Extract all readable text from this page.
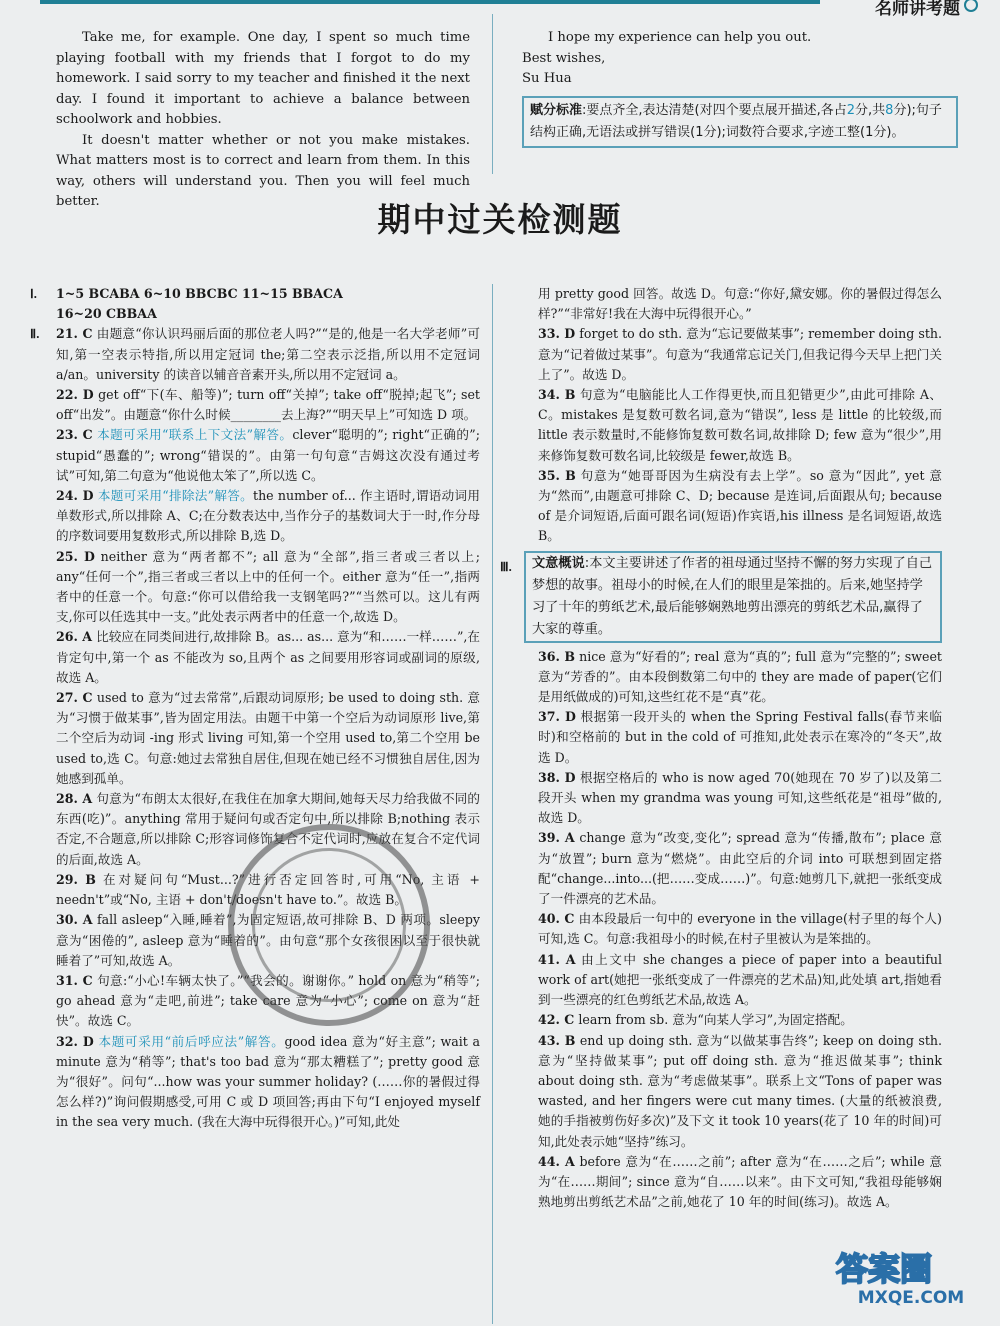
名师讲考题

Take me, for example. One day, I spent so much time playing football with my friends that I forgot to do my homework. I said sorry to my teacher and finished it the next day. I found it important to achieve a balance between schoolwork and hobbies.

It doesn't matter whether or not you make mistakes. What matters most is to correct and learn from them. In this way, others will understand you. Then you will feel much better.

I hope my experience can help you out.

Best wishes,

Su Hua

赋分标准:要点齐全,表达清楚(对四个要点展开描述,各占2分,共8分);句子结构正确,无语法或拼写错误(1分);词数符合要求,字迹工整(1分)。
期中过关检测题
Ⅰ. 1~5 BCABA 6~10 BBCBC 11~15 BBACA
16~20 CBBAA
Ⅱ.	21. C 由题意“你认识玛丽后面的那位老人吗?”“是的,他是一名大学老师”可知,第一空表示特指,所以用定冠词 the;第二空表示泛指,所以用不定冠词 a/an。university 的读音以辅音音素开头,所以用不定冠词 a。

22. D get off“下(车、船等)”; turn off“关掉”; take off“脱掉;起飞”; set off“出发”。由题意“你什么时候________去上海?”“明天早上”可知选 D 项。

23. C 本题可采用“联系上下文法”解答。clever“聪明的”; right“正确的”; stupid“愚蠢的”; wrong“错误的”。由第一句句意“吉姆这次没有通过考试”可知,第二句意为“他说他太笨了”,所以选 C。

24. D 本题可采用“排除法”解答。the number of... 作主语时,谓语动词用单数形式,所以排除 A、C;在分数表达中,当作分子的基数词大于一时,作分母的序数词要用复数形式,所以排除 B,选 D。

25. D neither 意为“两者都不”; all 意为“全部”,指三者或三者以上; any“任何一个”,指三者或三者以上中的任何一个。either 意为“任一”,指两者中的任意一个。句意:“你可以借给我一支钢笔吗?”“当然可以。这儿有两支,你可以任选其中一支。”此处表示两者中的任意一个,故选 D。

26. A 比较应在同类间进行,故排除 B。as... as... 意为“和……一样……”,在肯定句中,第一个 as 不能改为 so,且两个 as 之间要用形容词或副词的原级,故选 A。

27. C used to 意为“过去常常”,后跟动词原形; be used to doing sth. 意为“习惯于做某事”,皆为固定用法。由题干中第一个空后为动词原形 live,第二个空后为动词 -ing 形式 living 可知,第一个空用 used to,第二个空用 be used to,选 C。句意:她过去常独自居住,但现在她已经不习惯独自居住,因为她感到孤单。

28. A 句意为“布朗太太很好,在我住在加拿大期间,她每天尽力给我做不同的东西(吃)”。anything 常用于疑问句或否定句中,所以排除 B;nothing 表示否定,不合题意,所以排除 C;形容词修饰复合不定代词时,应放在复合不定代词的后面,故选 A。

29. B 在对疑问句“Must...?”进行否定回答时,可用“No, 主语 + needn't”或“No, 主语 + don't/doesn't have to.”。故选 B。

30. A fall asleep“入睡,睡着”,为固定短语,故可排除 B、D 两项。sleepy 意为“困倦的”, asleep 意为“睡着的”。由句意“那个女孩很困以至于很快就睡着了”可知,故选 A。

31. C 句意:“小心!车辆太快了。”“我会的。谢谢你。” hold on 意为“稍等”; go ahead 意为“走吧,前进”; take care 意为“小心”; come on 意为“赶快”。故选 C。

32. D 本题可采用“前后呼应法”解答。good idea 意为“好主意”; wait a minute 意为“稍等”; that's too bad 意为“那太糟糕了”; pretty good 意为“很好”。问句“...how was your summer holiday? (……你的暑假过得怎么样?)”询问假期感受,可用 C 或 D 项回答;再由下句“I enjoyed myself in the sea very much. (我在大海中玩得很开心。)”可知,此处

用 pretty good 回答。故选 D。句意:“你好,黛安娜。你的暑假过得怎么样?”“非常好!我在大海中玩得很开心。”

33. D forget to do sth. 意为“忘记要做某事”; remember doing sth. 意为“记着做过某事”。句意为“我通常忘记关门,但我记得今天早上把门关上了”。故选 D。

34. B 句意为“电脑能比人工作得更快,而且犯错更少”,由此可排除 A、C。mistakes 是复数可数名词,意为“错误”, less 是 little 的比较级,而 little 表示数量时,不能修饰复数可数名词,故排除 D; few 意为“很少”,用来修饰复数可数名词,比较级是 fewer,故选 B。

35. B 句意为“她哥哥因为生病没有去上学”。so 意为“因此”, yet 意为“然而”,由题意可排除 C、D; because 是连词,后面跟从句; because of 是介词短语,后面可跟名词(短语)作宾语,his illness 是名词短语,故选 B。

Ⅲ.	文意概说:本文主要讲述了作者的祖母通过坚持不懈的努力实现了自己梦想的故事。祖母小的时候,在人们的眼里是笨拙的。后来,她坚持学习了十年的剪纸艺术,最后能够娴熟地剪出漂亮的剪纸艺术品,赢得了大家的尊重。

36. B nice 意为“好看的”; real 意为“真的”; full 意为“完整的”; sweet 意为“芳香的”。由本段倒数第二句中的 they are made of paper(它们是用纸做成的)可知,这些红花不是“真”花。

37. D 根据第一段开头的 when the Spring Festival falls(春节来临时)和空格前的 but in the cold of 可推知,此处表示在寒冷的“冬天”,故选 D。

38. D 根据空格后的 who is now aged 70(她现在 70 岁了)以及第二段开头 when my grandma was young 可知,这些纸花是“祖母”做的,故选 D。

39. A change 意为“改变,变化”; spread 意为“传播,散布”; place 意为“放置”; burn 意为“燃烧”。由此空后的介词 into 可联想到固定搭配“change...into...(把……变成……)”。句意:她剪几下,就把一张纸变成了一件漂亮的艺术品。

40. C 由本段最后一句中的 everyone in the village(村子里的每个人)可知,选 C。句意:我祖母小的时候,在村子里被认为是笨拙的。

41. A 由上文中 she changes a piece of paper into a beautiful work of art(她把一张纸变成了一件漂亮的艺术品)知,此处填 art,指她看到一些漂亮的红色剪纸艺术品,故选 A。

42. C learn from sb. 意为“向某人学习”,为固定搭配。

43. B end up doing sth. 意为“以做某事告终”; keep on doing sth. 意为“坚持做某事”; put off doing sth. 意为“推迟做某事”; think about doing sth. 意为“考虑做某事”。联系上文“Tons of paper was wasted, and her fingers were cut many times. (大量的纸被浪费,她的手指被剪伤好多次)”及下文 it took 10 years(花了 10 年的时间)可知,此处表示她“坚持”练习。

44. A before 意为“在……之前”; after 意为“在……之后”; while 意为“在……期间”; since 意为“自……以来”。由下文可知,“我祖母能够娴熟地剪出剪纸艺术品”之前,她花了 10 年的时间(练习)。故选 A。

答案圈
MXQE.COM
